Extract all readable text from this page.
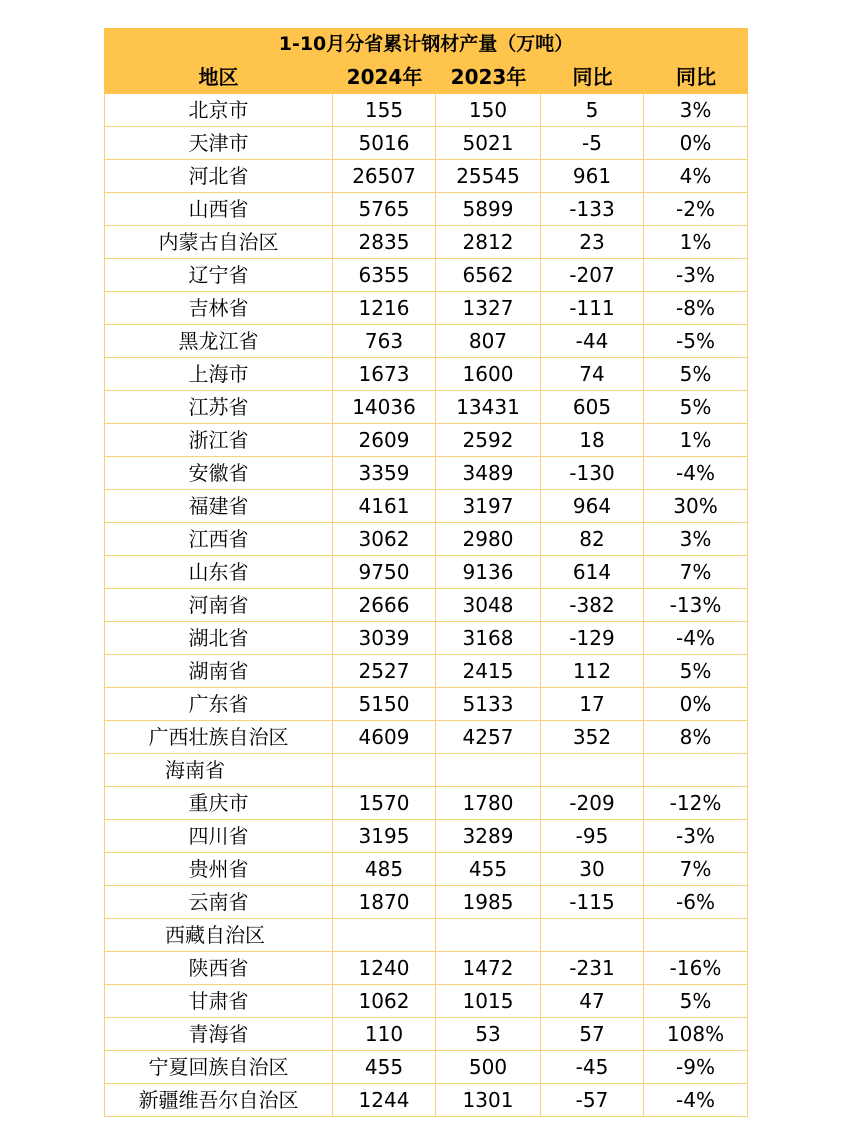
1-10月分省累计钢材产量（万吨）
地区	2024年	2023年	同比	同比
北京市	155	150	5	3%
天津市	5016	5021	-5	0%
河北省	26507	25545	961	4%
山西省	5765	5899	-133	-2%
内蒙古自治区	2835	2812	23	1%
辽宁省	6355	6562	-207	-3%
吉林省	1216	1327	-111	-8%
黑龙江省	763	807	-44	-5%
上海市	1673	1600	74	5%
江苏省	14036	13431	605	5%
浙江省	2609	2592	18	1%
安徽省	3359	3489	-130	-4%
福建省	4161	3197	964	30%
江西省	3062	2980	82	3%
山东省	9750	9136	614	7%
河南省	2666	3048	-382	-13%
湖北省	3039	3168	-129	-4%
湖南省	2527	2415	112	5%
广东省	5150	5133	17	0%
广西壮族自治区	4609	4257	352	8%
海南省
重庆市	1570	1780	-209	-12%
四川省	3195	3289	-95	-3%
贵州省	485	455	30	7%
云南省	1870	1985	-115	-6%
西藏自治区
陕西省	1240	1472	-231	-16%
甘肃省	1062	1015	47	5%
青海省	110	53	57	108%
宁夏回族自治区	455	500	-45	-9%
新疆维吾尔自治区	1244	1301	-57	-4%
